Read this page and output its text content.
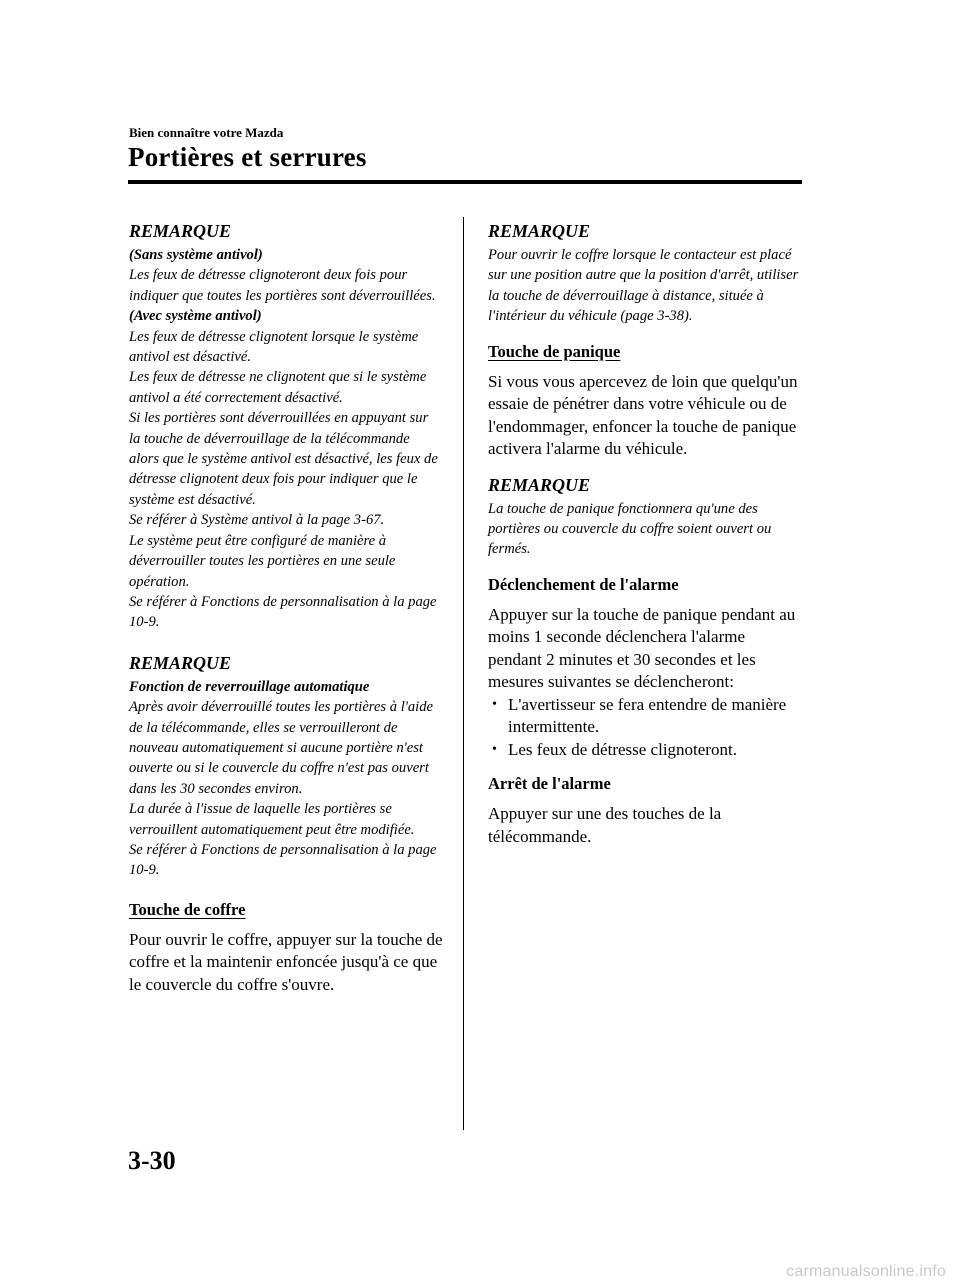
Bien connaître votre Mazda
Portières et serrures
REMARQUE
(Sans système antivol)
Les feux de détresse clignoteront deux fois pour indiquer que toutes les portières sont déverrouillées.
(Avec système antivol)
Les feux de détresse clignotent lorsque le système antivol est désactivé.
Les feux de détresse ne clignotent que si le système antivol a été correctement désactivé.
Si les portières sont déverrouillées en appuyant sur la touche de déverrouillage de la télécommande alors que le système antivol est désactivé, les feux de détresse clignotent deux fois pour indiquer que le système est désactivé.
Se référer à Système antivol à la page 3-67.
Le système peut être configuré de manière à déverrouiller toutes les portières en une seule opération.
Se référer à Fonctions de personnalisation à la page 10-9.
REMARQUE
Fonction de reverrouillage automatique
Après avoir déverrouillé toutes les portières à l'aide de la télécommande, elles se verrouilleront de nouveau automatiquement si aucune portière n'est ouverte ou si le couvercle du coffre n'est pas ouvert dans les 30 secondes environ.
La durée à l'issue de laquelle les portières se verrouillent automatiquement peut être modifiée.
Se référer à Fonctions de personnalisation à la page 10-9.
Touche de coffre

Pour ouvrir le coffre, appuyer sur la touche de coffre et la maintenir enfoncée jusqu'à ce que le couvercle du coffre s'ouvre.

REMARQUE
Pour ouvrir le coffre lorsque le contacteur est placé sur une position autre que la position d'arrêt, utiliser la touche de déverrouillage à distance, située à l'intérieur du véhicule (page 3-38).
Touche de panique

Si vous vous apercevez de loin que quelqu'un essaie de pénétrer dans votre véhicule ou de l'endommager, enfoncer la touche de panique activera l'alarme du véhicule.

REMARQUE
La touche de panique fonctionnera qu'une des portières ou couvercle du coffre soient ouvert ou fermés.
Déclenchement de l'alarme

Appuyer sur la touche de panique pendant au moins 1 seconde déclenchera l'alarme pendant 2 minutes et 30 secondes et les mesures suivantes se déclencheront:

• L'avertisseur se fera entendre de manière intermittente.
• Les feux de détresse clignoteront.
Arrêt de l'alarme

Appuyer sur une des touches de la télécommande.

3-30
carmanualsonline.info
